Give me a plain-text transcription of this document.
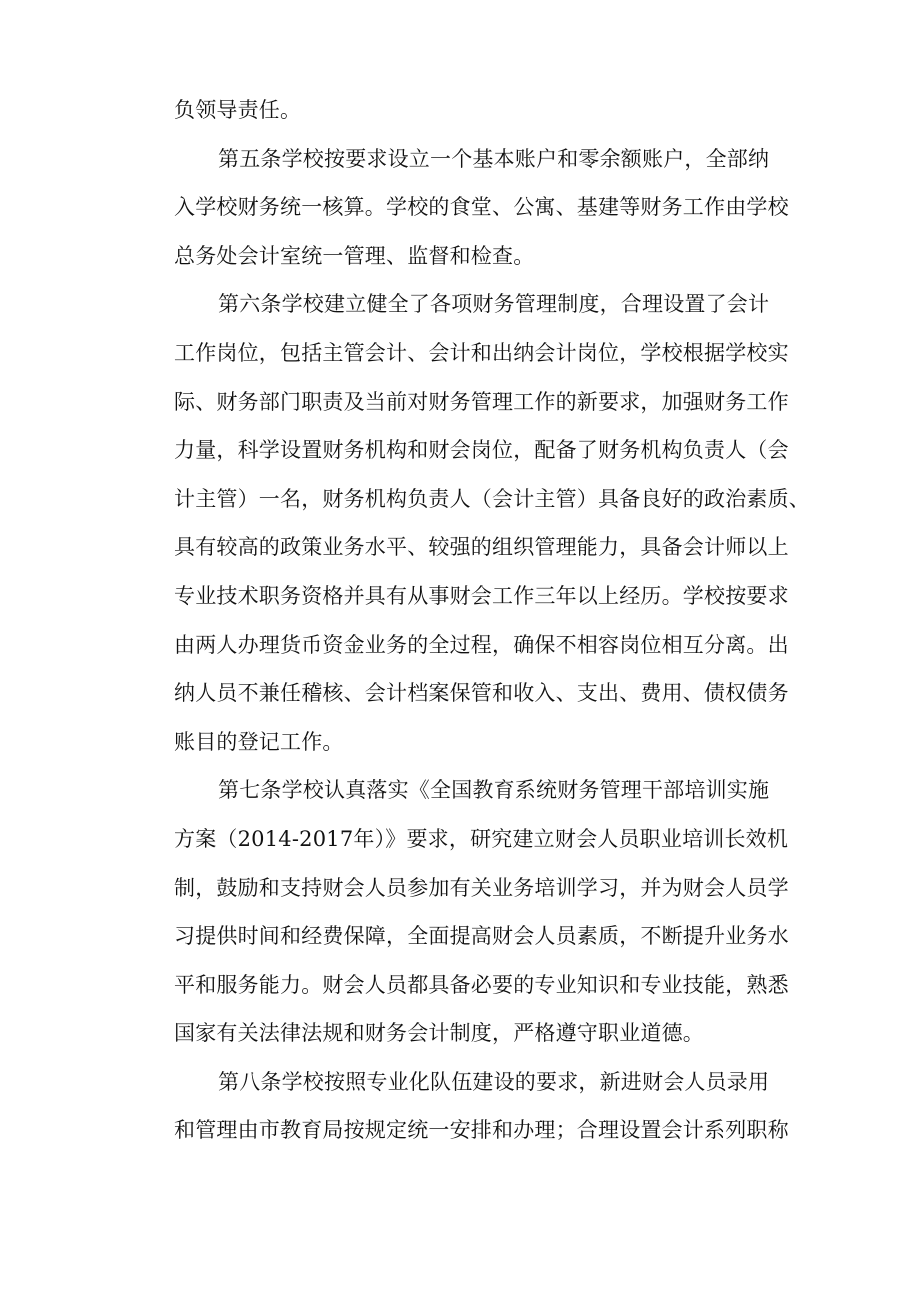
负领导责任。
第五条学校按要求设立一个基本账户和零余额账户，全部纳
入学校财务统一核算。学校的食堂、公寓、基建等财务工作由学校
总务处会计室统一管理、监督和检查。
第六条学校建立健全了各项财务管理制度，合理设置了会计
工作岗位，包括主管会计、会计和出纳会计岗位，学校根据学校实
际、财务部门职责及当前对财务管理工作的新要求，加强财务工作
力量，科学设置财务机构和财会岗位，配备了财务机构负责人（会
计主管）一名，财务机构负责人（会计主管）具备良好的政治素质、
具有较高的政策业务水平、较强的组织管理能力，具备会计师以上
专业技术职务资格并具有从事财会工作三年以上经历。学校按要求
由两人办理货币资金业务的全过程，确保不相容岗位相互分离。出
纳人员不兼任稽核、会计档案保管和收入、支出、费用、债权债务
账目的登记工作。
第七条学校认真落实《全国教育系统财务管理干部培训实施
方案（2014-2017年）》要求，研究建立财会人员职业培训长效机
制，鼓励和支持财会人员参加有关业务培训学习，并为财会人员学
习提供时间和经费保障，全面提高财会人员素质，不断提升业务水
平和服务能力。财会人员都具备必要的专业知识和专业技能，熟悉
国家有关法律法规和财务会计制度，严格遵守职业道德。
第八条学校按照专业化队伍建设的要求，新进财会人员录用
和管理由市教育局按规定统一安排和办理；合理设置会计系列职称
